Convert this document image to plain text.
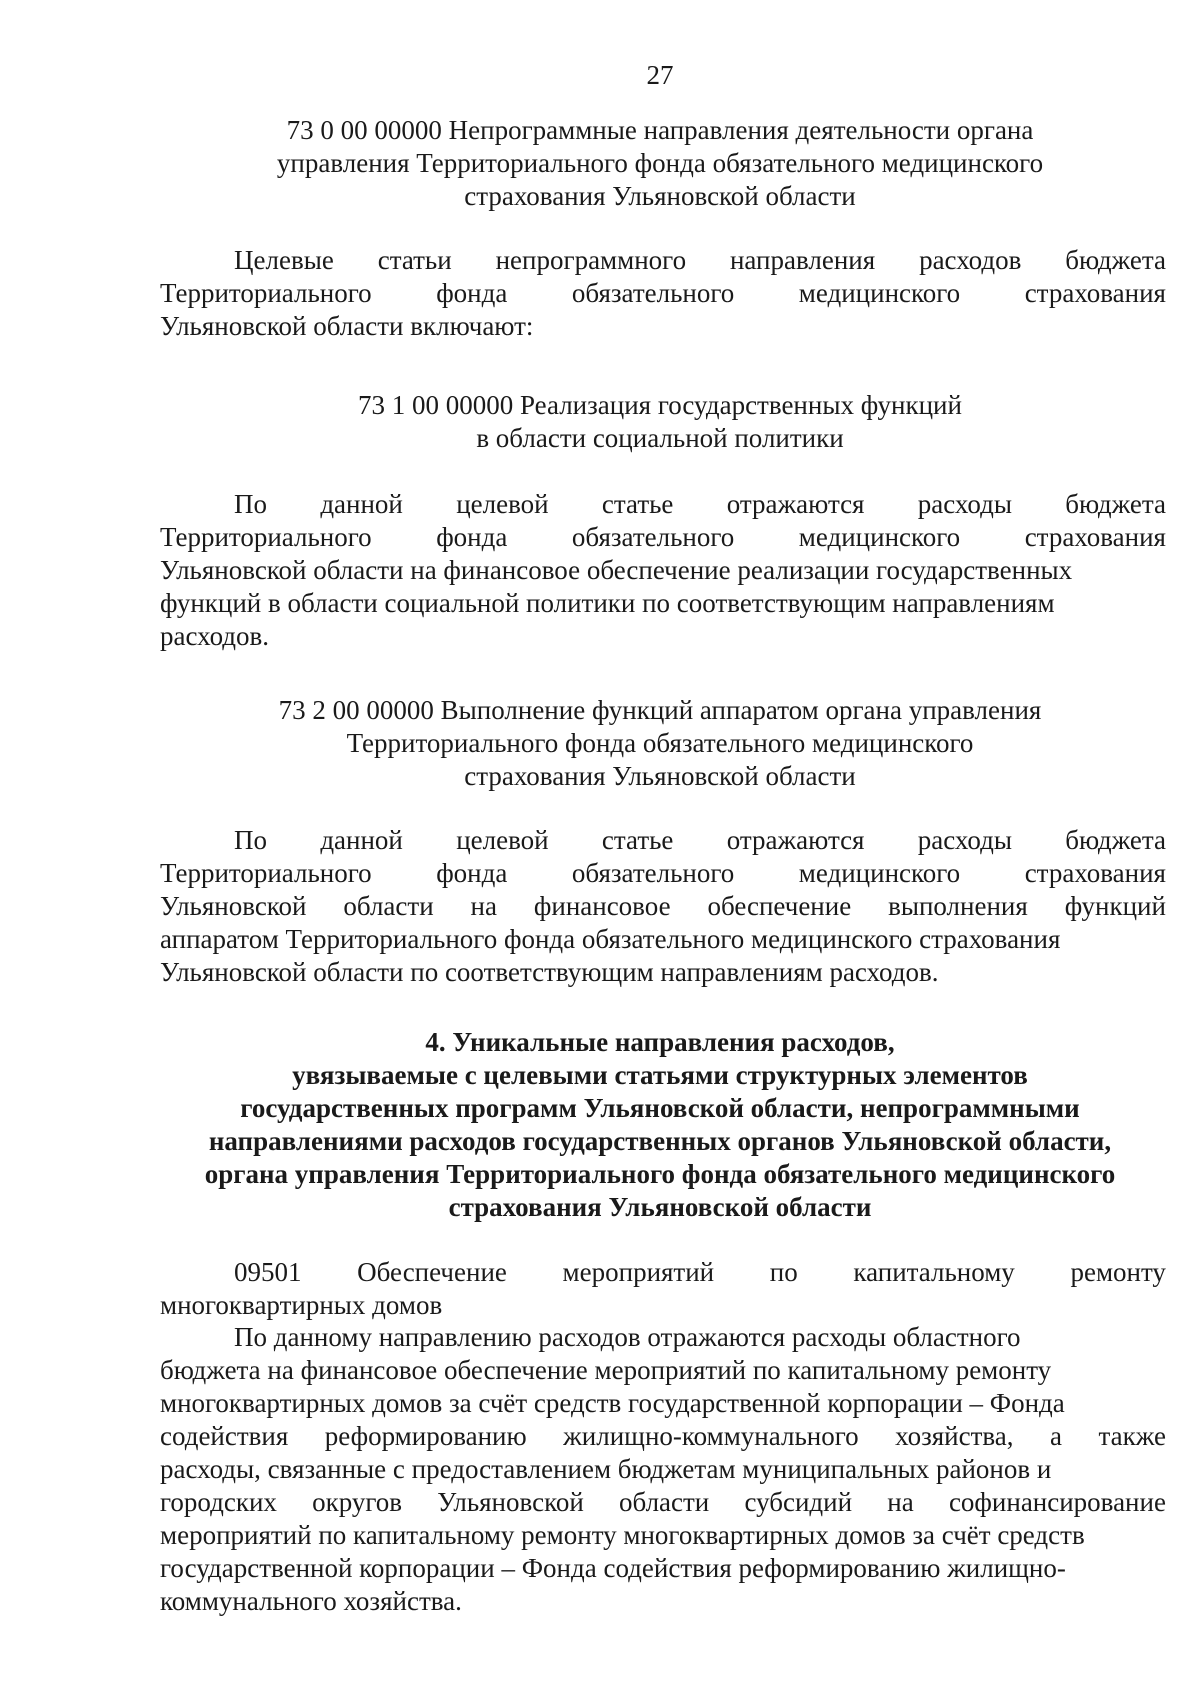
27
73 0 00 00000 Непрограммные направления деятельности органа
управления Территориального фонда обязательного медицинского
страхования Ульяновской области
Целевые статьи непрограммного направления расходов бюджета
Территориального фонда обязательного медицинского страхования
Ульяновской области включают:
73 1 00 00000 Реализация государственных функций
в области социальной политики
По данной целевой статье отражаются расходы бюджета
Территориального фонда обязательного медицинского страхования
Ульяновской области на финансовое обеспечение реализации государственных
функций в области социальной политики по соответствующим направлениям
расходов.
73 2 00 00000 Выполнение функций аппаратом органа управления
Территориального фонда обязательного медицинского
страхования Ульяновской области
По данной целевой статье отражаются расходы бюджета
Территориального фонда обязательного медицинского страхования
Ульяновской области на финансовое обеспечение выполнения функций
аппаратом Территориального фонда обязательного медицинского страхования
Ульяновской области по соответствующим направлениям расходов.
4. Уникальные направления расходов,
увязываемые с целевыми статьями структурных элементов
государственных программ Ульяновской области, непрограммными
направлениями расходов государственных органов Ульяновской области,
органа управления Территориального фонда обязательного медицинского
страхования Ульяновской области
09501 Обеспечение мероприятий по капитальному ремонту
многоквартирных домов
По данному направлению расходов отражаются расходы областного
бюджета на финансовое обеспечение мероприятий по капитальному ремонту
многоквартирных домов за счёт средств государственной корпорации – Фонда
содействия реформированию жилищно-коммунального хозяйства, а также
расходы, связанные с предоставлением бюджетам муниципальных районов и
городских округов Ульяновской области субсидий на софинансирование
мероприятий по капитальному ремонту многоквартирных домов за счёт средств
государственной корпорации – Фонда содействия реформированию жилищно-
коммунального хозяйства.
